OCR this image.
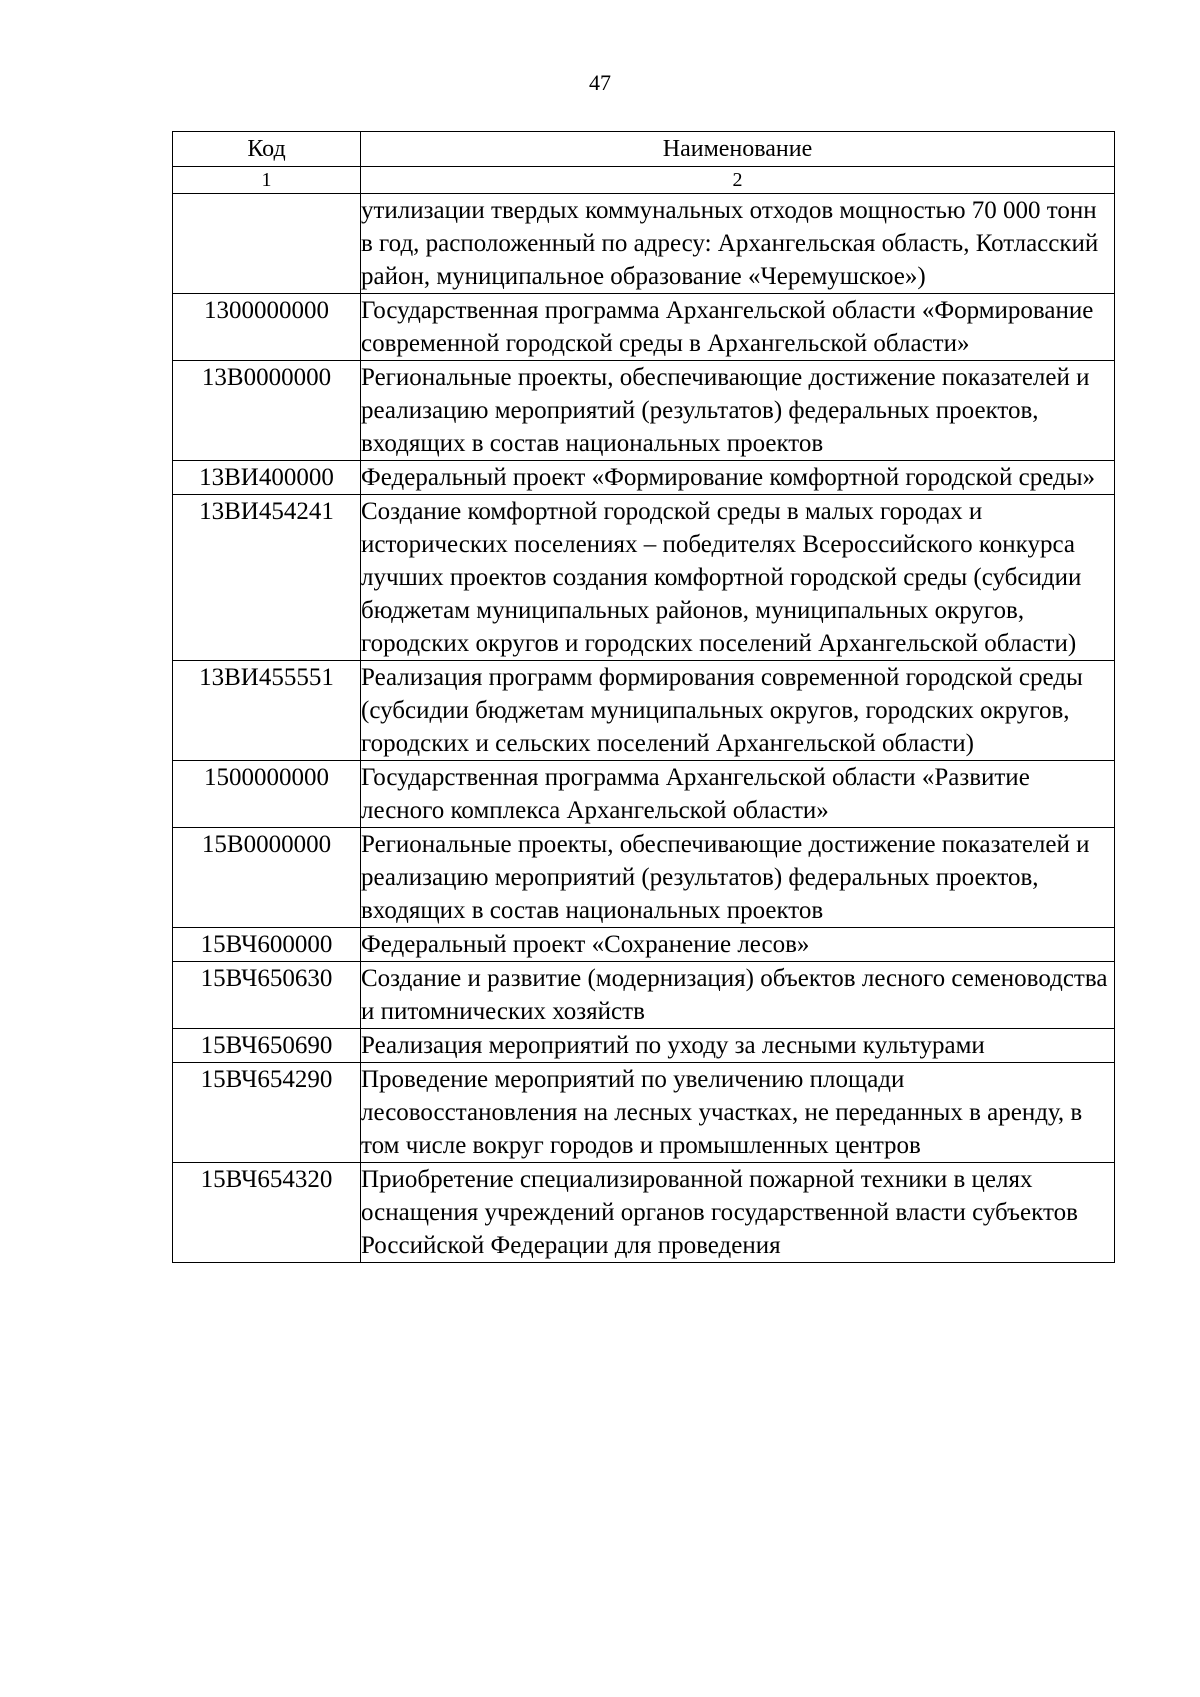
47
Код	Наименование
1	2
	утилизации твердых коммунальных отходов мощностью 70 000 тонн в год, расположенный по адресу: Архангельская область, Котласский район, муниципальное образование «Черемушское»)
1300000000	Государственная программа Архангельской области «Формирование современной городской среды в Архангельской области»
13В0000000	Региональные проекты, обеспечивающие достижение показателей и реализацию мероприятий (результатов) федеральных проектов, входящих в состав национальных проектов
13ВИ400000	Федеральный проект «Формирование комфортной городской среды»
13ВИ454241	Создание комфортной городской среды в малых городах и исторических поселениях – победителях Всероссийского конкурса лучших проектов создания комфортной городской среды (субсидии бюджетам муниципальных районов, муниципальных округов, городских округов и городских поселений Архангельской области)
13ВИ455551	Реализация программ формирования современной городской среды (субсидии бюджетам муниципальных округов, городских округов, городских и сельских поселений Архангельской области)
1500000000	Государственная программа Архангельской области «Развитие лесного комплекса Архангельской области»
15В0000000	Региональные проекты, обеспечивающие достижение показателей и реализацию мероприятий (результатов) федеральных проектов, входящих в состав национальных проектов
15ВЧ600000	Федеральный проект «Сохранение лесов»
15ВЧ650630	Создание и развитие (модернизация) объектов лесного семеноводства и питомнических хозяйств
15ВЧ650690	Реализация мероприятий по уходу за лесными культурами
15ВЧ654290	Проведение мероприятий по увеличению площади лесовосстановления на лесных участках, не переданных в аренду, в том числе вокруг городов и промышленных центров
15ВЧ654320	Приобретение специализированной пожарной техники в целях оснащения учреждений органов государственной власти субъектов Российской Федерации для проведения
